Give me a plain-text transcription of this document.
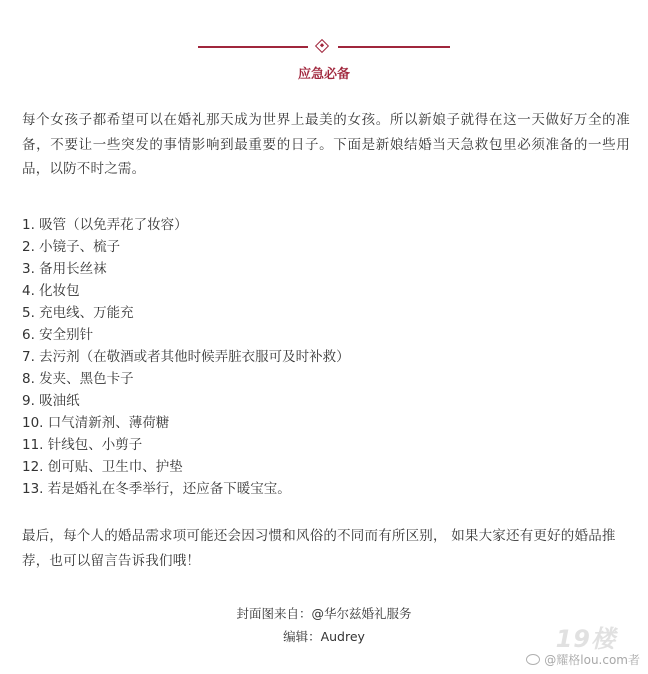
应急必备

每个女孩子都希望可以在婚礼那天成为世界上最美的女孩。所以新娘子就得在这一天做好万全的准备，不要让一些突发的事情影响到最重要的日子。下面是新娘结婚当天急救包里必须准备的一些用品，以防不时之需。

1. 吸管（以免弄花了妆容）
2. 小镜子、梳子
3. 备用长丝袜
4. 化妆包
5. 充电线、万能充
6. 安全别针
7. 去污剂（在敬酒或者其他时候弄脏衣服可及时补救）
8. 发夹、黑色卡子
9. 吸油纸
10. 口气清新剂、薄荷糖
11. 针线包、小剪子
12. 创可贴、卫生巾、护垫
13. 若是婚礼在冬季举行，还应备下暖宝宝。

最后，每个人的婚品需求项可能还会因习惯和风俗的不同而有所区别， 如果大家还有更好的婚品推荐，也可以留言告诉我们哦！

封面图来自：@华尔兹婚礼服务

编辑：Audrey	19楼
@耀格lou.com者
